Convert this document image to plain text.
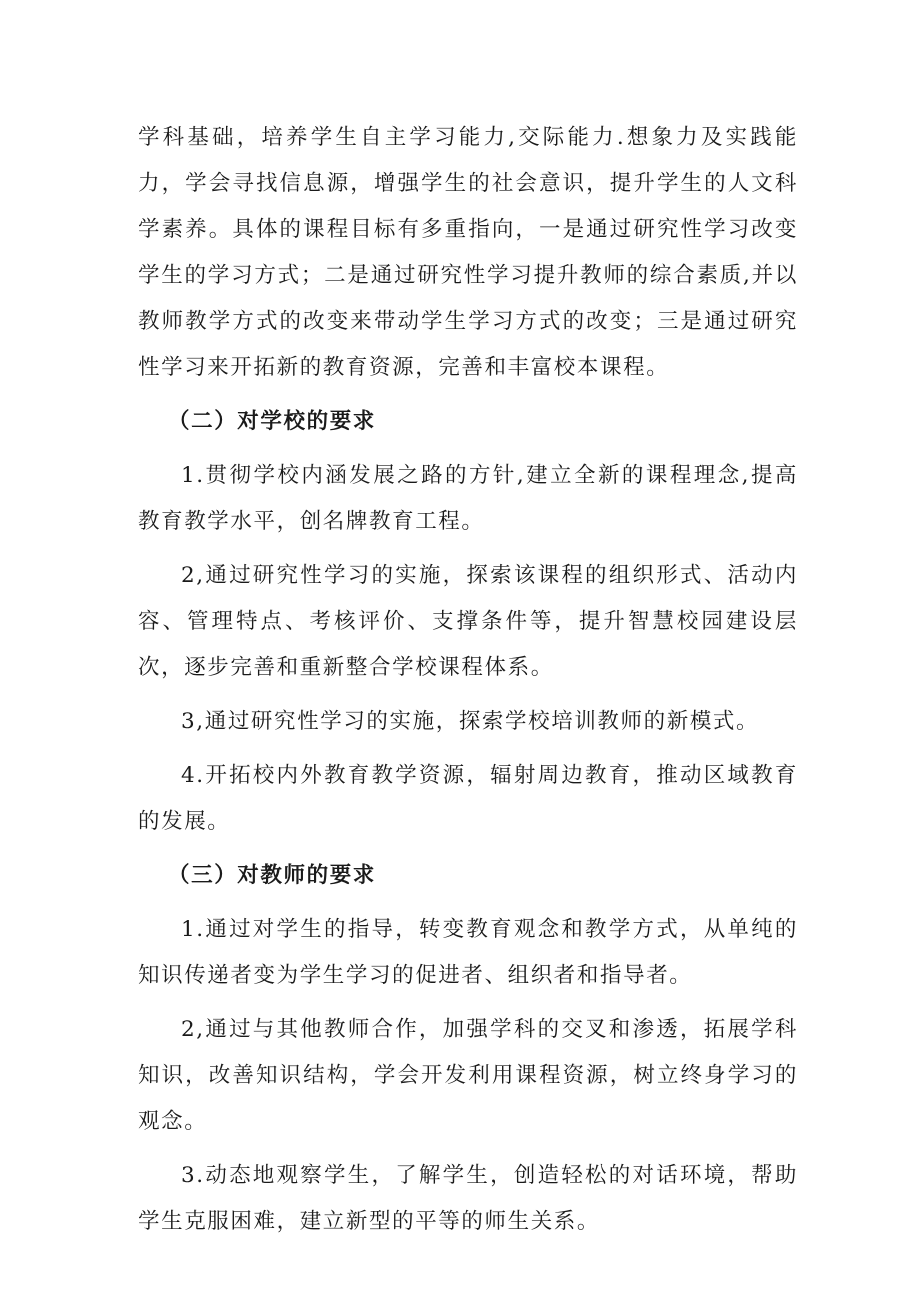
学科基础，培养学生自主学习能力,交际能力.想象力及实践能力，学会寻找信息源，增强学生的社会意识，提升学生的人文科学素养。具体的课程目标有多重指向，一是通过研究性学习改变学生的学习方式；二是通过研究性学习提升教师的综合素质,并以教师教学方式的改变来带动学生学习方式的改变；三是通过研究性学习来开拓新的教育资源，完善和丰富校本课程。

（二）对学校的要求

1.贯彻学校内涵发展之路的方针,建立全新的课程理念,提高教育教学水平，创名牌教育工程。

2,通过研究性学习的实施，探索该课程的组织形式、活动内容、管理特点、考核评价、支撑条件等，提升智慧校园建设层次，逐步完善和重新整合学校课程体系。

3,通过研究性学习的实施，探索学校培训教师的新模式。

4.开拓校内外教育教学资源，辐射周边教育，推动区域教育的发展。

（三）对教师的要求

1.通过对学生的指导，转变教育观念和教学方式，从单纯的知识传递者变为学生学习的促进者、组织者和指导者。

2,通过与其他教师合作，加强学科的交叉和渗透，拓展学科知识，改善知识结构，学会开发利用课程资源，树立终身学习的观念。

3.动态地观察学生，了解学生，创造轻松的对话环境，帮助学生克服困难，建立新型的平等的师生关系。
